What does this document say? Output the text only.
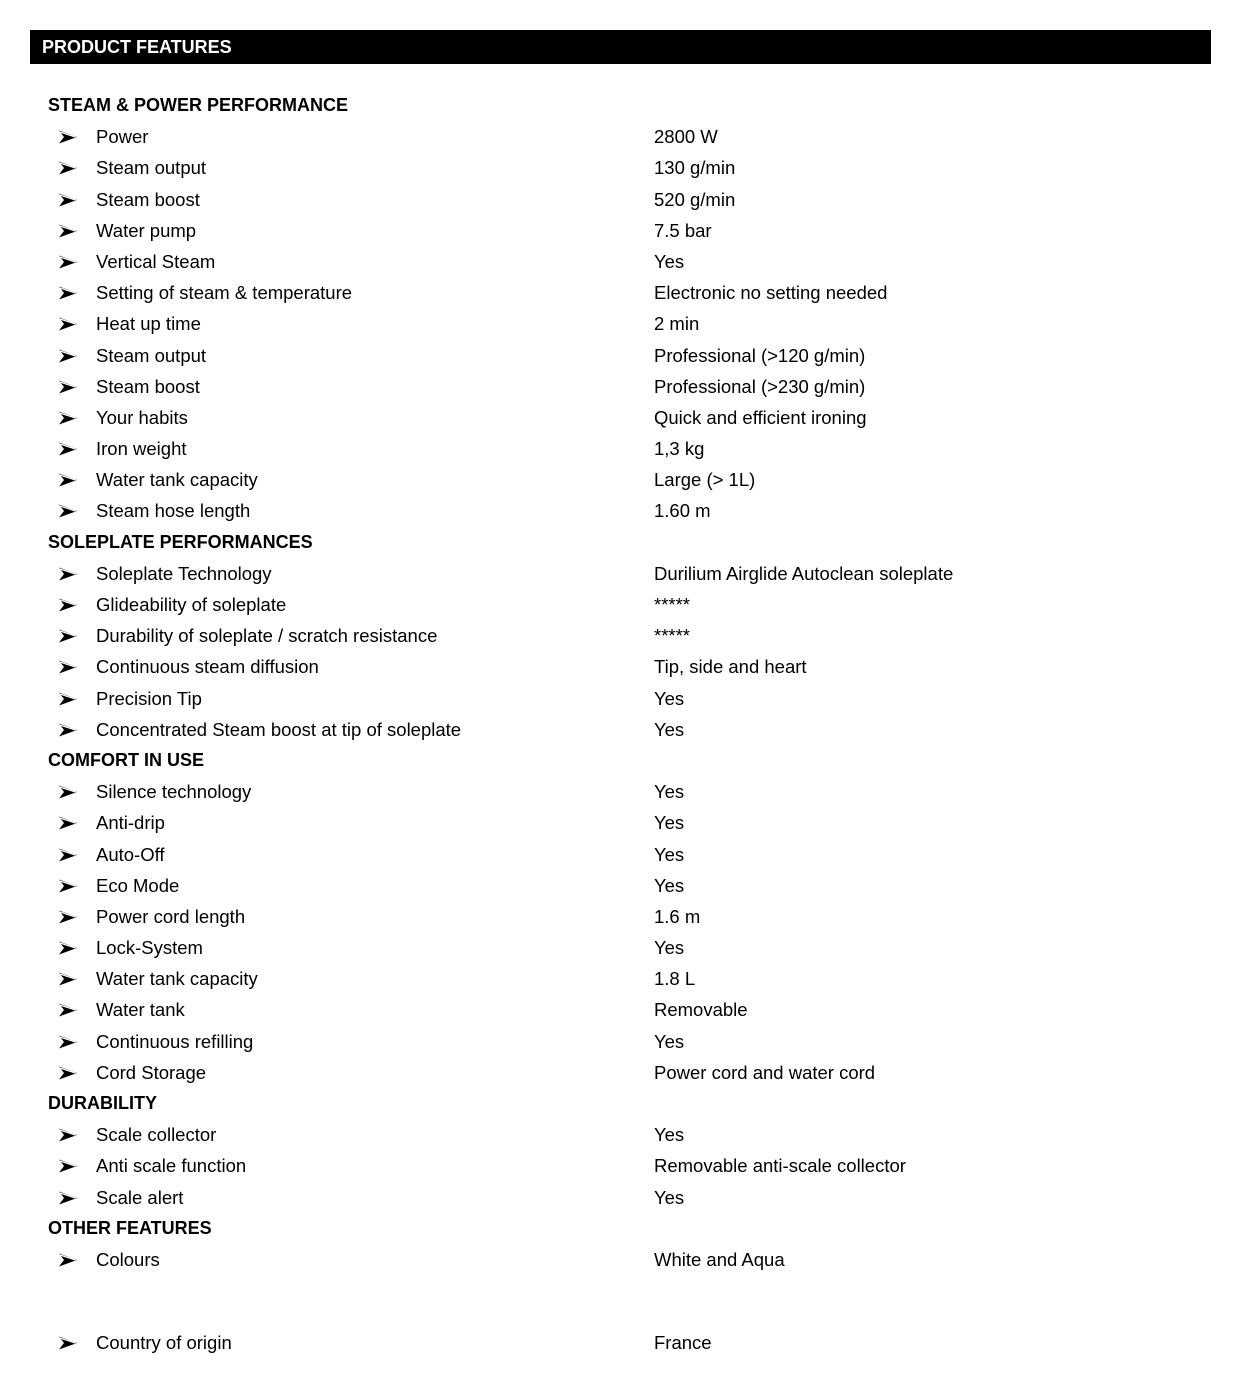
PRODUCT FEATURES
STEAM & POWER PERFORMANCE
Power	2800 W
Steam output	130 g/min
Steam boost	520 g/min
Water pump	7.5 bar
Vertical Steam	Yes
Setting of steam & temperature	Electronic no setting needed
Heat up time	2 min
Steam output	Professional (>120 g/min)
Steam boost	Professional (>230 g/min)
Your habits	Quick and efficient ironing
Iron weight	1,3 kg
Water tank capacity	Large (> 1L)
Steam hose length	1.60 m
SOLEPLATE PERFORMANCES
Soleplate Technology	Durilium Airglide Autoclean soleplate
Glideability of soleplate	*****
Durability of soleplate / scratch resistance	*****
Continuous steam diffusion	Tip, side and heart
Precision Tip	Yes
Concentrated Steam boost at tip of soleplate	Yes
COMFORT IN USE
Silence technology	Yes
Anti-drip	Yes
Auto-Off	Yes
Eco Mode	Yes
Power cord length	1.6 m
Lock-System	Yes
Water tank capacity	1.8 L
Water tank	Removable
Continuous refilling	Yes
Cord Storage	Power cord and water cord
DURABILITY
Scale collector	Yes
Anti scale function	Removable anti-scale collector
Scale alert	Yes
OTHER FEATURES
Colours	White and Aqua
Country of origin	France
